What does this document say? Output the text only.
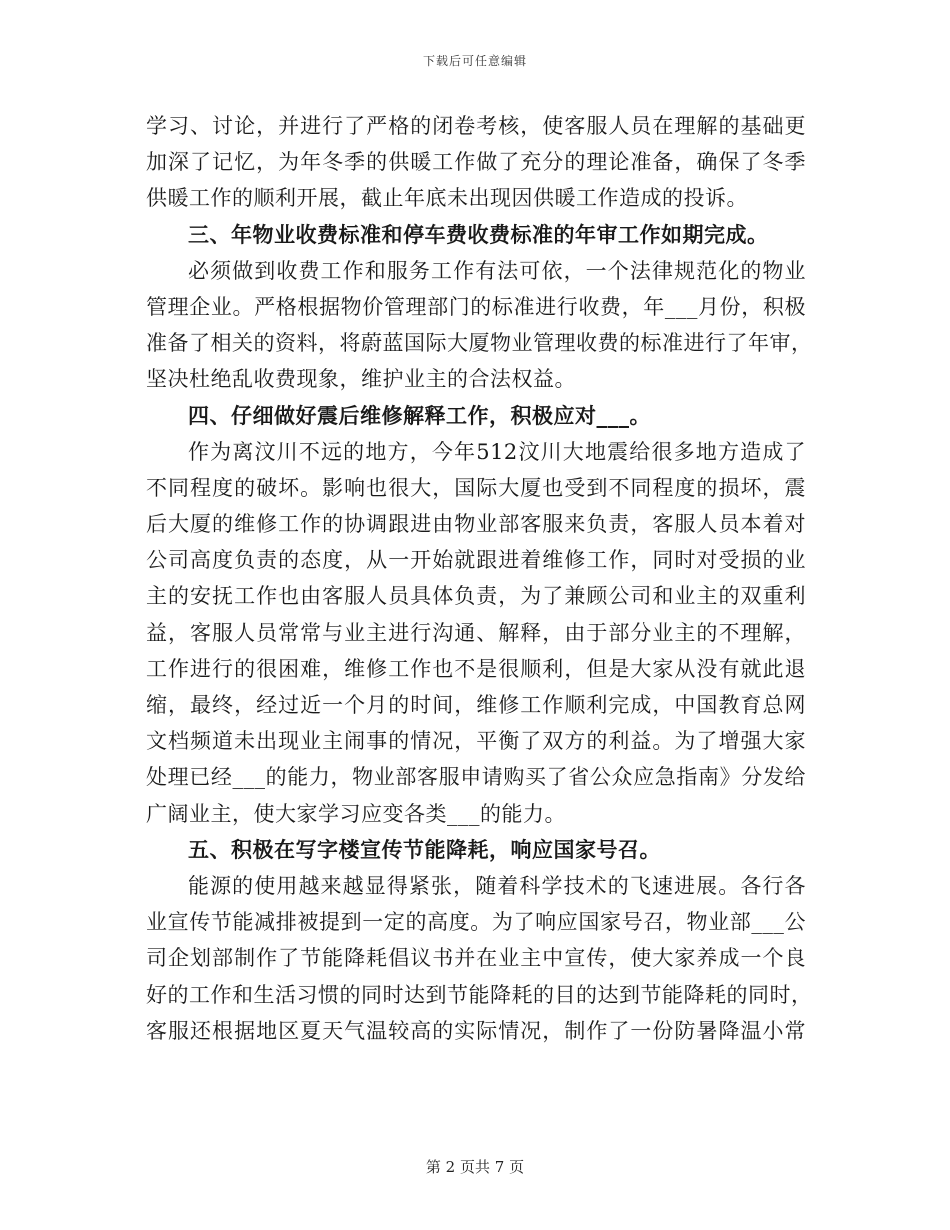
下载后可任意编辑
学习、讨论，并进行了严格的闭卷考核，使客服人员在理解的基础更
加深了记忆，为年冬季的供暖工作做了充分的理论准备，确保了冬季
供暖工作的顺利开展，截止年底未出现因供暖工作造成的投诉。
三、年物业收费标准和停车费收费标准的年审工作如期完成。
必须做到收费工作和服务工作有法可依，一个法律规范化的物业
管理企业。严格根据物价管理部门的标准进行收费，年___月份，积极
准备了相关的资料，将蔚蓝国际大厦物业管理收费的标准进行了年审，
坚决杜绝乱收费现象，维护业主的合法权益。
四、仔细做好震后维修解释工作，积极应对___。
作为离汶川不远的地方，今年512汶川大地震给很多地方造成了
不同程度的破坏。影响也很大，国际大厦也受到不同程度的损坏，震
后大厦的维修工作的协调跟进由物业部客服来负责，客服人员本着对
公司高度负责的态度，从一开始就跟进着维修工作，同时对受损的业
主的安抚工作也由客服人员具体负责，为了兼顾公司和业主的双重利
益，客服人员常常与业主进行沟通、解释，由于部分业主的不理解，
工作进行的很困难，维修工作也不是很顺利，但是大家从没有就此退
缩，最终，经过近一个月的时间，维修工作顺利完成，中国教育总网
文档频道未出现业主闹事的情况，平衡了双方的利益。为了增强大家
处理已经___的能力，物业部客服申请购买了省公众应急指南》分发给
广阔业主，使大家学习应变各类___的能力。
五、积极在写字楼宣传节能降耗，响应国家号召。
能源的使用越来越显得紧张，随着科学技术的飞速进展。各行各
业宣传节能减排被提到一定的高度。为了响应国家号召，物业部___公
司企划部制作了节能降耗倡议书并在业主中宣传，使大家养成一个良
好的工作和生活习惯的同时达到节能降耗的目的达到节能降耗的同时，
客服还根据地区夏天气温较高的实际情况，制作了一份防暑降温小常
第 2 页共 7 页
